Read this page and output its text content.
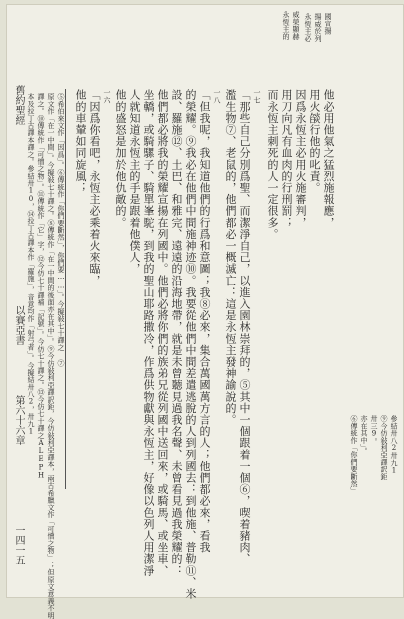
永恆主的 威榮顯赫 永恆主必 揚威於列 國宣揚
他必用他氣之猛烈施報應，
用火燄行他的叱責。
因爲永恆主必用火施審判，
用刀向凡有血肉的行刑罰；
而永恆主刺死的人一定很多。
一七
「那些自己分別爲聖、而潔淨自己，以進入園林崇拜的，⑤其中一個跟着一個⑥，喫着豬肉、
濫生物⑦、老鼠的，他們都必一概滅亡：這是永恆主發神諭說的。
一八
「但我呢，我知道他們的行爲和意圖；我⑧必來，集合萬國萬方言的人；他們都必來，看我
的榮耀。⑨我必在他們中間施神迹⑩。我要從他們中間差遣逃脫的人到列國去：到他施、普勒⑪、米
設、羅施⑫、土巴、和雅完、遠遠的沿海地帶，就是未曾聽見過我名聲、未曾看見過我榮耀的：
他們都必將我的榮耀宣揚在列國中。他們必將你們的族弟兄從列國中送回來，或騎馬、或坐車、
坐轎，或騎騾子、騎單峯駝，到我的聖山耶路撒冷，作爲供物獻與永恆主，好像以色列人用潔淨
人就知道永恆主的手是跟着他僕人，
他的盛怒是加於他仇敵的。
一六
「因爲你看吧，永恆主必乘着火來臨，
他的車輦如同旋風；
⑤希伯來文作「因爲」。⑥傳統作「你們要斷然」，你們要……」。今擬敍七十譯之 ⑦
原文作「在一中間」。今擬敍七十譯之。⑧傳統作「在一中間的後面亦在其中」。⑨今仿敍利亞譯訳鉅，今仿敍利亞譯本，兩古希臘文作「可憎之物」；但原文意義不明
譯之。⑩傳統作「可憎之物」。⑪傳統作「它」字，⑫今仿七十譯補「記號」。今仿七十譯之。⑬今仿七十譯之ALEPH
本及拉丁古譯本譯之。參結卅10，⑭拉丁古譯本作「羅施」，音意均作「射弓者」。今擬結卅八2，卅九1
⑥傳統作「你們要斷然」 亦在其中」。 卅三9。 ⑨今仿敍利亞譯訳鉅 參結卅八2卅九1
舊約聖經
以賽亞書
第六十六章
一四一五
